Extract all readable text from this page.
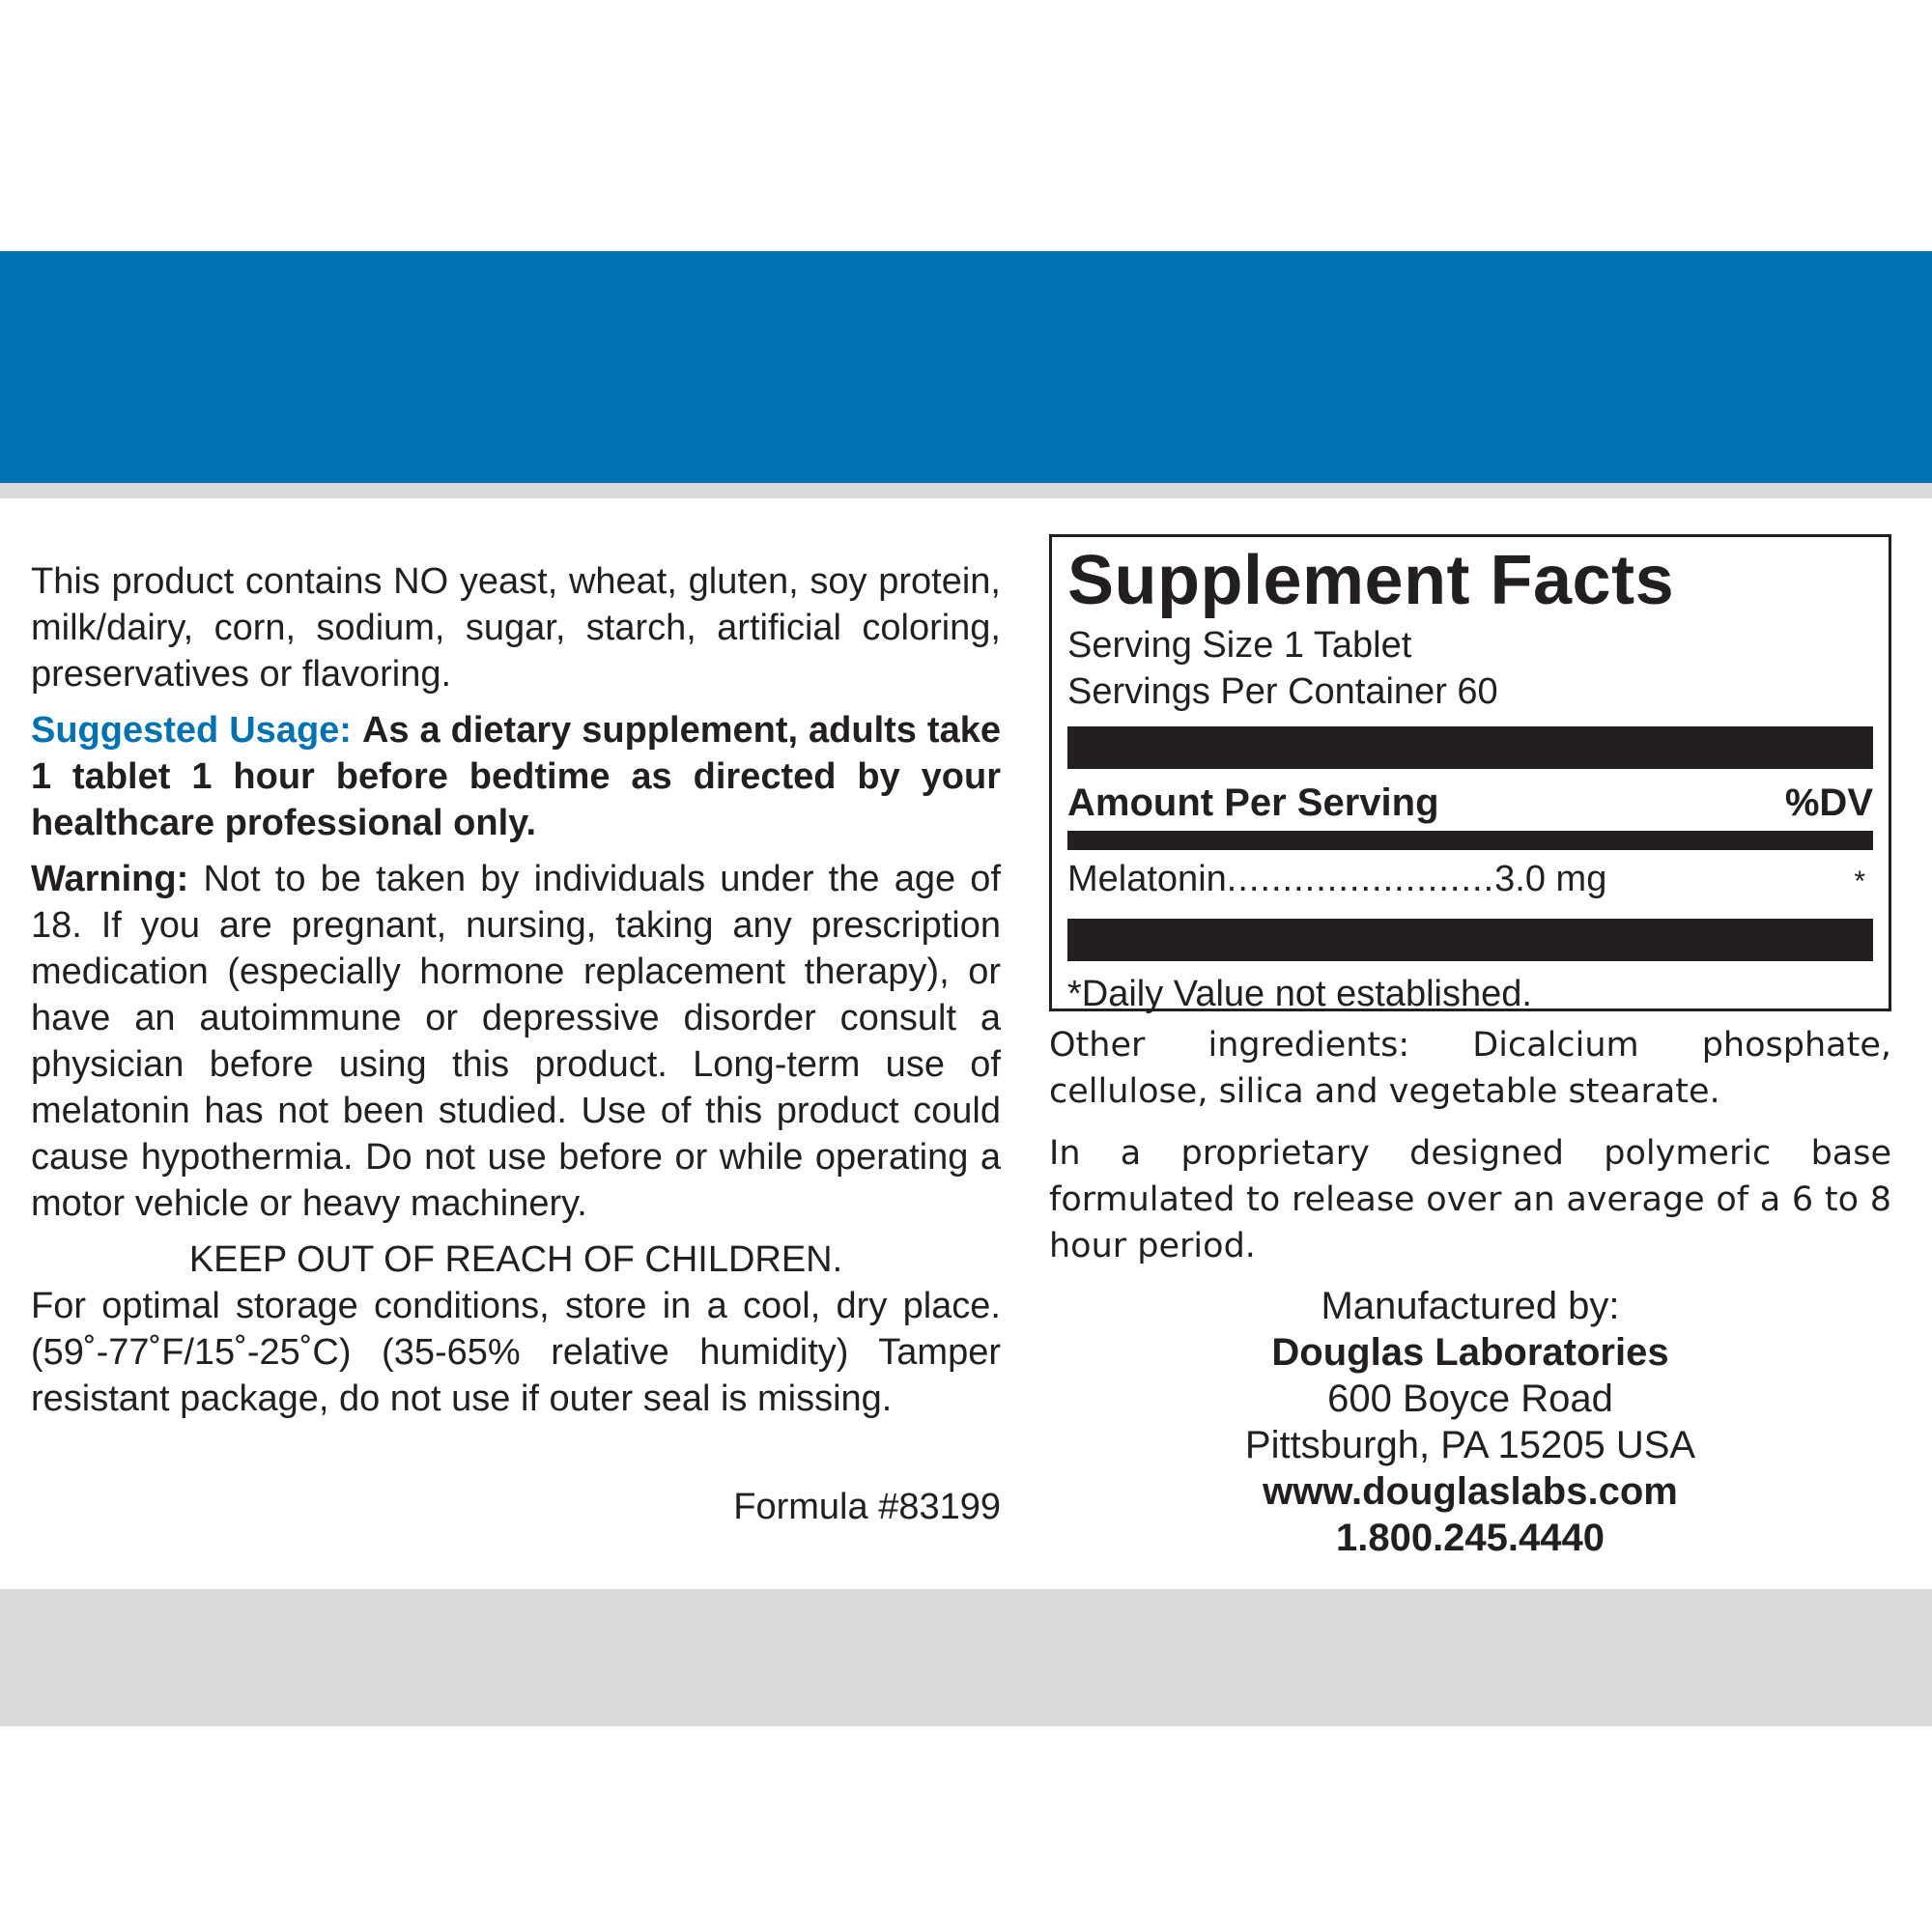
This product contains NO yeast, wheat, gluten, soy protein, milk/dairy, corn, sodium, sugar, starch, artificial coloring, preservatives or flavoring.

Suggested Usage: As a dietary supplement, adults take 1 tablet 1 hour before bedtime as directed by your healthcare professional only.

Warning: Not to be taken by individuals under the age of 18. If you are pregnant, nursing, taking any prescription medication (especially hormone replacement therapy), or have an autoimmune or depressive disorder consult a physician before using this product. Long-term use of melatonin has not been studied. Use of this product could cause hypothermia. Do not use before or while operating a motor vehicle or heavy machinery.

KEEP OUT OF REACH OF CHILDREN.

For optimal storage conditions, store in a cool, dry place. (59˚-77˚F/15˚-25˚C) (35-65% relative humidity) Tamper resistant package, do not use if outer seal is missing.

Formula #83199
Supplement Facts
Serving Size 1 Tablet
Servings Per Container 60
Amount Per Serving	%DV
Melatonin ........................ 3.0 mg	*
*Daily Value not established.

Other ingredients: Dicalcium phosphate, cellulose, silica and vegetable stearate.

In a proprietary designed polymeric base formulated to release over an average of a 6 to 8 hour period.

Manufactured by:
Douglas Laboratories
600 Boyce Road
Pittsburgh, PA 15205 USA
www.douglaslabs.com
1.800.245.4440
